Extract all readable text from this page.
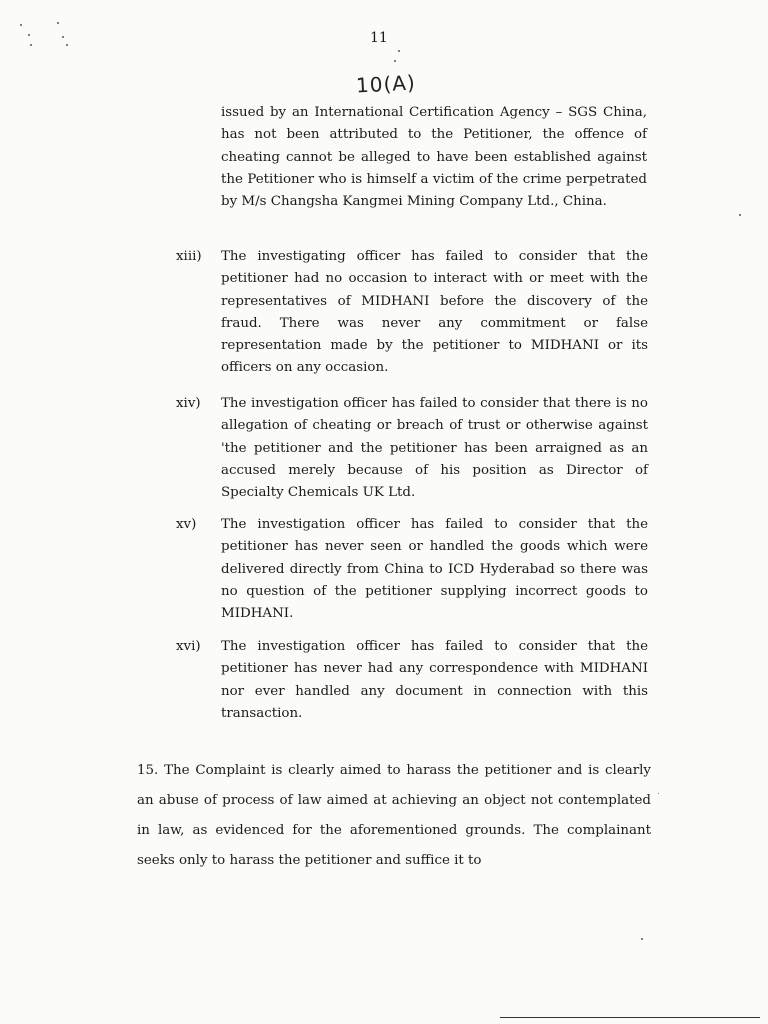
11
10(A)

issued by an International Certification Agency – SGS China, has not been attributed to the Petitioner, the offence of cheating cannot be alleged to have been established against the Petitioner who is himself a victim of the crime perpetrated by M/s Changsha Kangmei Mining Company Ltd., China.

xiii) The investigating officer has failed to consider that the petitioner had no occasion to interact with or meet with the representatives of MIDHANI before the discovery of the fraud. There was never any commitment or false representation made by the petitioner to MIDHANI or its officers on any occasion.

xiv) The investigation officer has failed to consider that there is no allegation of cheating or breach of trust or otherwise against 'the petitioner and the petitioner has been arraigned as an accused merely because of his position as Director of Specialty Chemicals UK Ltd.

xv) The investigation officer has failed to consider that the petitioner has never seen or handled the goods which were delivered directly from China to ICD Hyderabad so there was no question of the petitioner supplying incorrect goods to MIDHANI.

xvi) The investigation officer has failed to consider that the petitioner has never had any correspondence with MIDHANI nor ever handled any document in connection with this transaction.

15. The Complaint is clearly aimed to harass the petitioner and is clearly an abuse of process of law aimed at achieving an object not contemplated in law, as evidenced for the aforementioned grounds. The complainant seeks only to harass the petitioner and suffice it to
